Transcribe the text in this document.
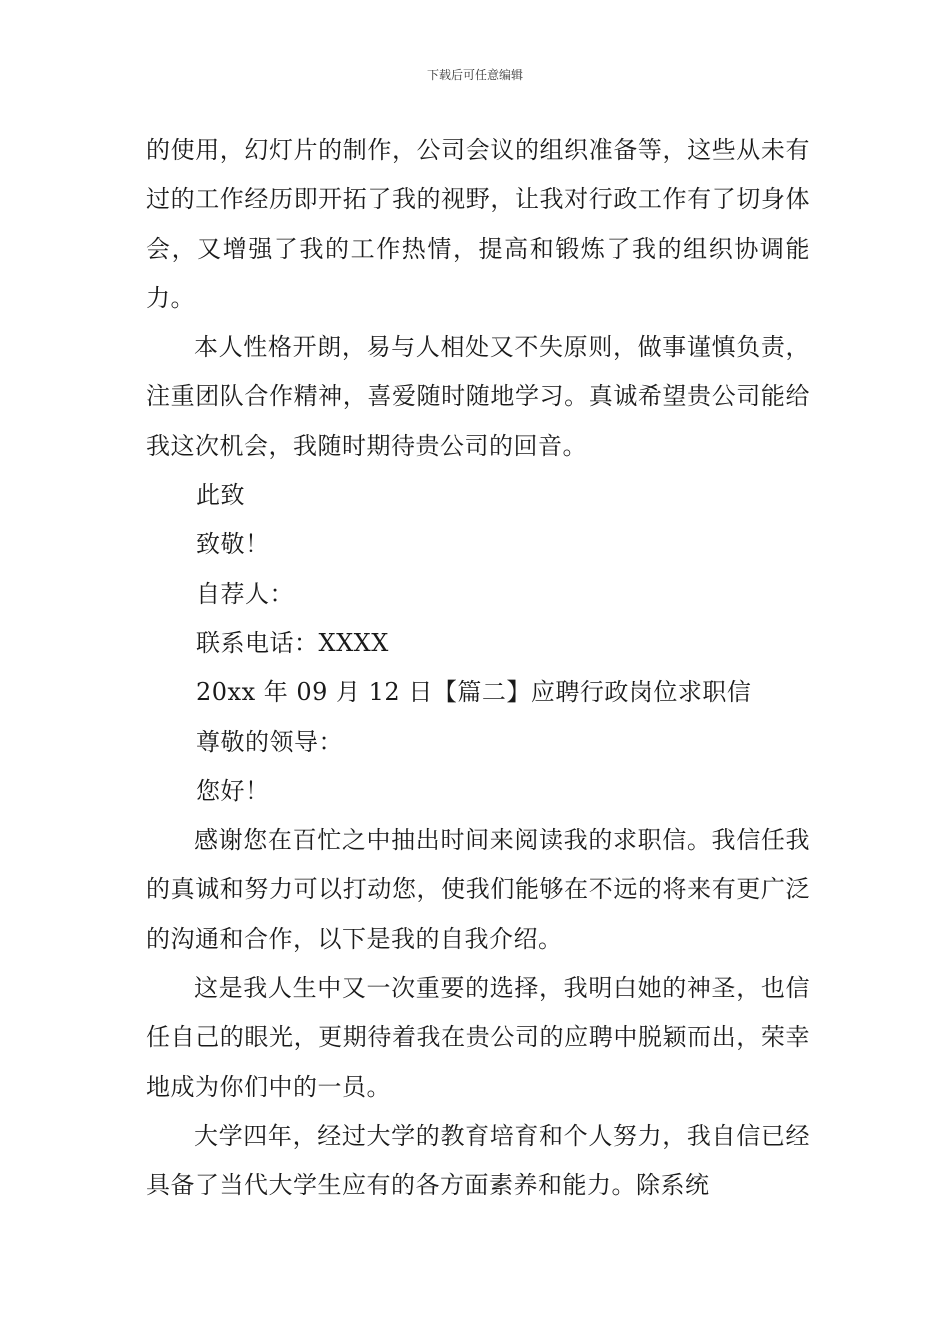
下载后可任意编辑

的使用，幻灯片的制作，公司会议的组织准备等，这些从未有过的工作经历即开拓了我的视野，让我对行政工作有了切身体会，又增强了我的工作热情，提高和锻炼了我的组织协调能力。

本人性格开朗，易与人相处又不失原则，做事谨慎负责，注重团队合作精神，喜爱随时随地学习。真诚希望贵公司能给我这次机会，我随时期待贵公司的回音。

此致

致敬！

自荐人：

联系电话：XXXX

20xx 年 09 月 12 日【篇二】应聘行政岗位求职信

尊敬的领导：

您好！

感谢您在百忙之中抽出时间来阅读我的求职信。我信任我的真诚和努力可以打动您，使我们能够在不远的将来有更广泛的沟通和合作，以下是我的自我介绍。

这是我人生中又一次重要的选择，我明白她的神圣，也信任自己的眼光，更期待着我在贵公司的应聘中脱颖而出，荣幸地成为你们中的一员。

大学四年，经过大学的教育培育和个人努力，我自信已经具备了当代大学生应有的各方面素养和能力。除系统
